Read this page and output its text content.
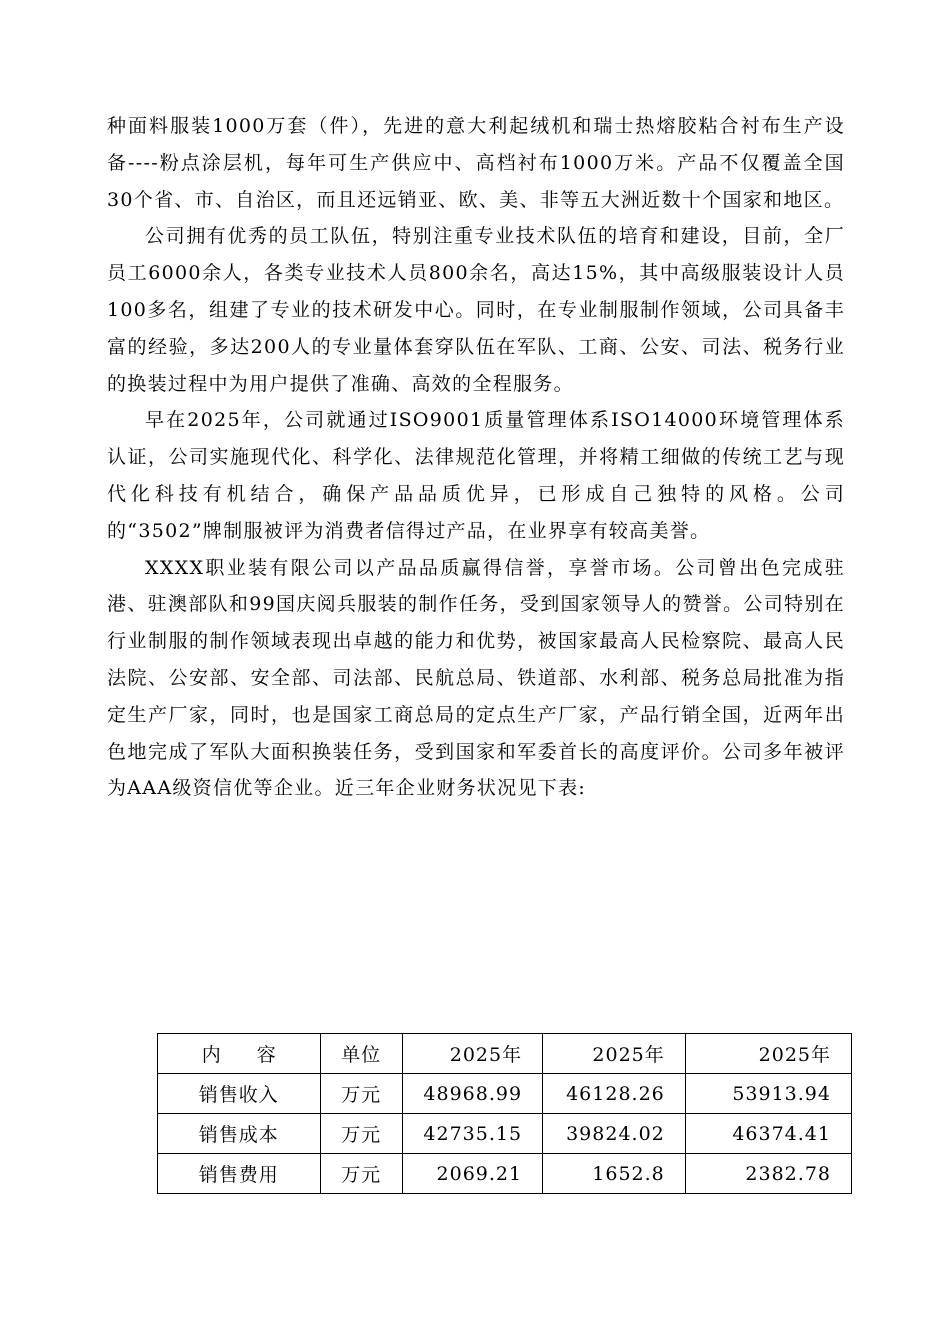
种面料服装1000万套（件），先进的意大利起绒机和瑞士热熔胶粘合衬布生产设备----粉点涂层机，每年可生产供应中、高档衬布1000万米。产品不仅覆盖全国30个省、市、自治区，而且还远销亚、欧、美、非等五大洲近数十个国家和地区。

公司拥有优秀的员工队伍，特别注重专业技术队伍的培育和建设，目前，全厂员工6000余人，各类专业技术人员800余名，高达15%，其中高级服装设计人员100多名，组建了专业的技术研发中心。同时，在专业制服制作领域，公司具备丰富的经验，多达200人的专业量体套穿队伍在军队、工商、公安、司法、税务行业的换装过程中为用户提供了准确、高效的全程服务。

早在2025年，公司就通过ISO9001质量管理体系ISO14000环境管理体系认证，公司实施现代化、科学化、法律规范化管理，并将精工细做的传统工艺与现代化科技有机结合，确保产品品质优异，已形成自己独特的风格。公司的“3502”牌制服被评为消费者信得过产品，在业界享有较高美誉。

XXXX职业装有限公司以产品品质赢得信誉，享誉市场。公司曾出色完成驻港、驻澳部队和99国庆阅兵服装的制作任务，受到国家领导人的赞誉。公司特别在行业制服的制作领域表现出卓越的能力和优势，被国家最高人民检察院、最高人民法院、公安部、安全部、司法部、民航总局、铁道部、水利部、税务总局批准为指定生产厂家，同时，也是国家工商总局的定点生产厂家，产品行销全国，近两年出色地完成了军队大面积换装任务，受到国家和军委首长的高度评价。公司多年被评为AAA级资信优等企业。近三年企业财务状况见下表:

内容	单位	2025年	2025年	2025年
销售收入	万元	48968.99	46128.26	53913.94
销售成本	万元	42735.15	39824.02	46374.41
销售费用	万元	2069.21	1652.8	2382.78
